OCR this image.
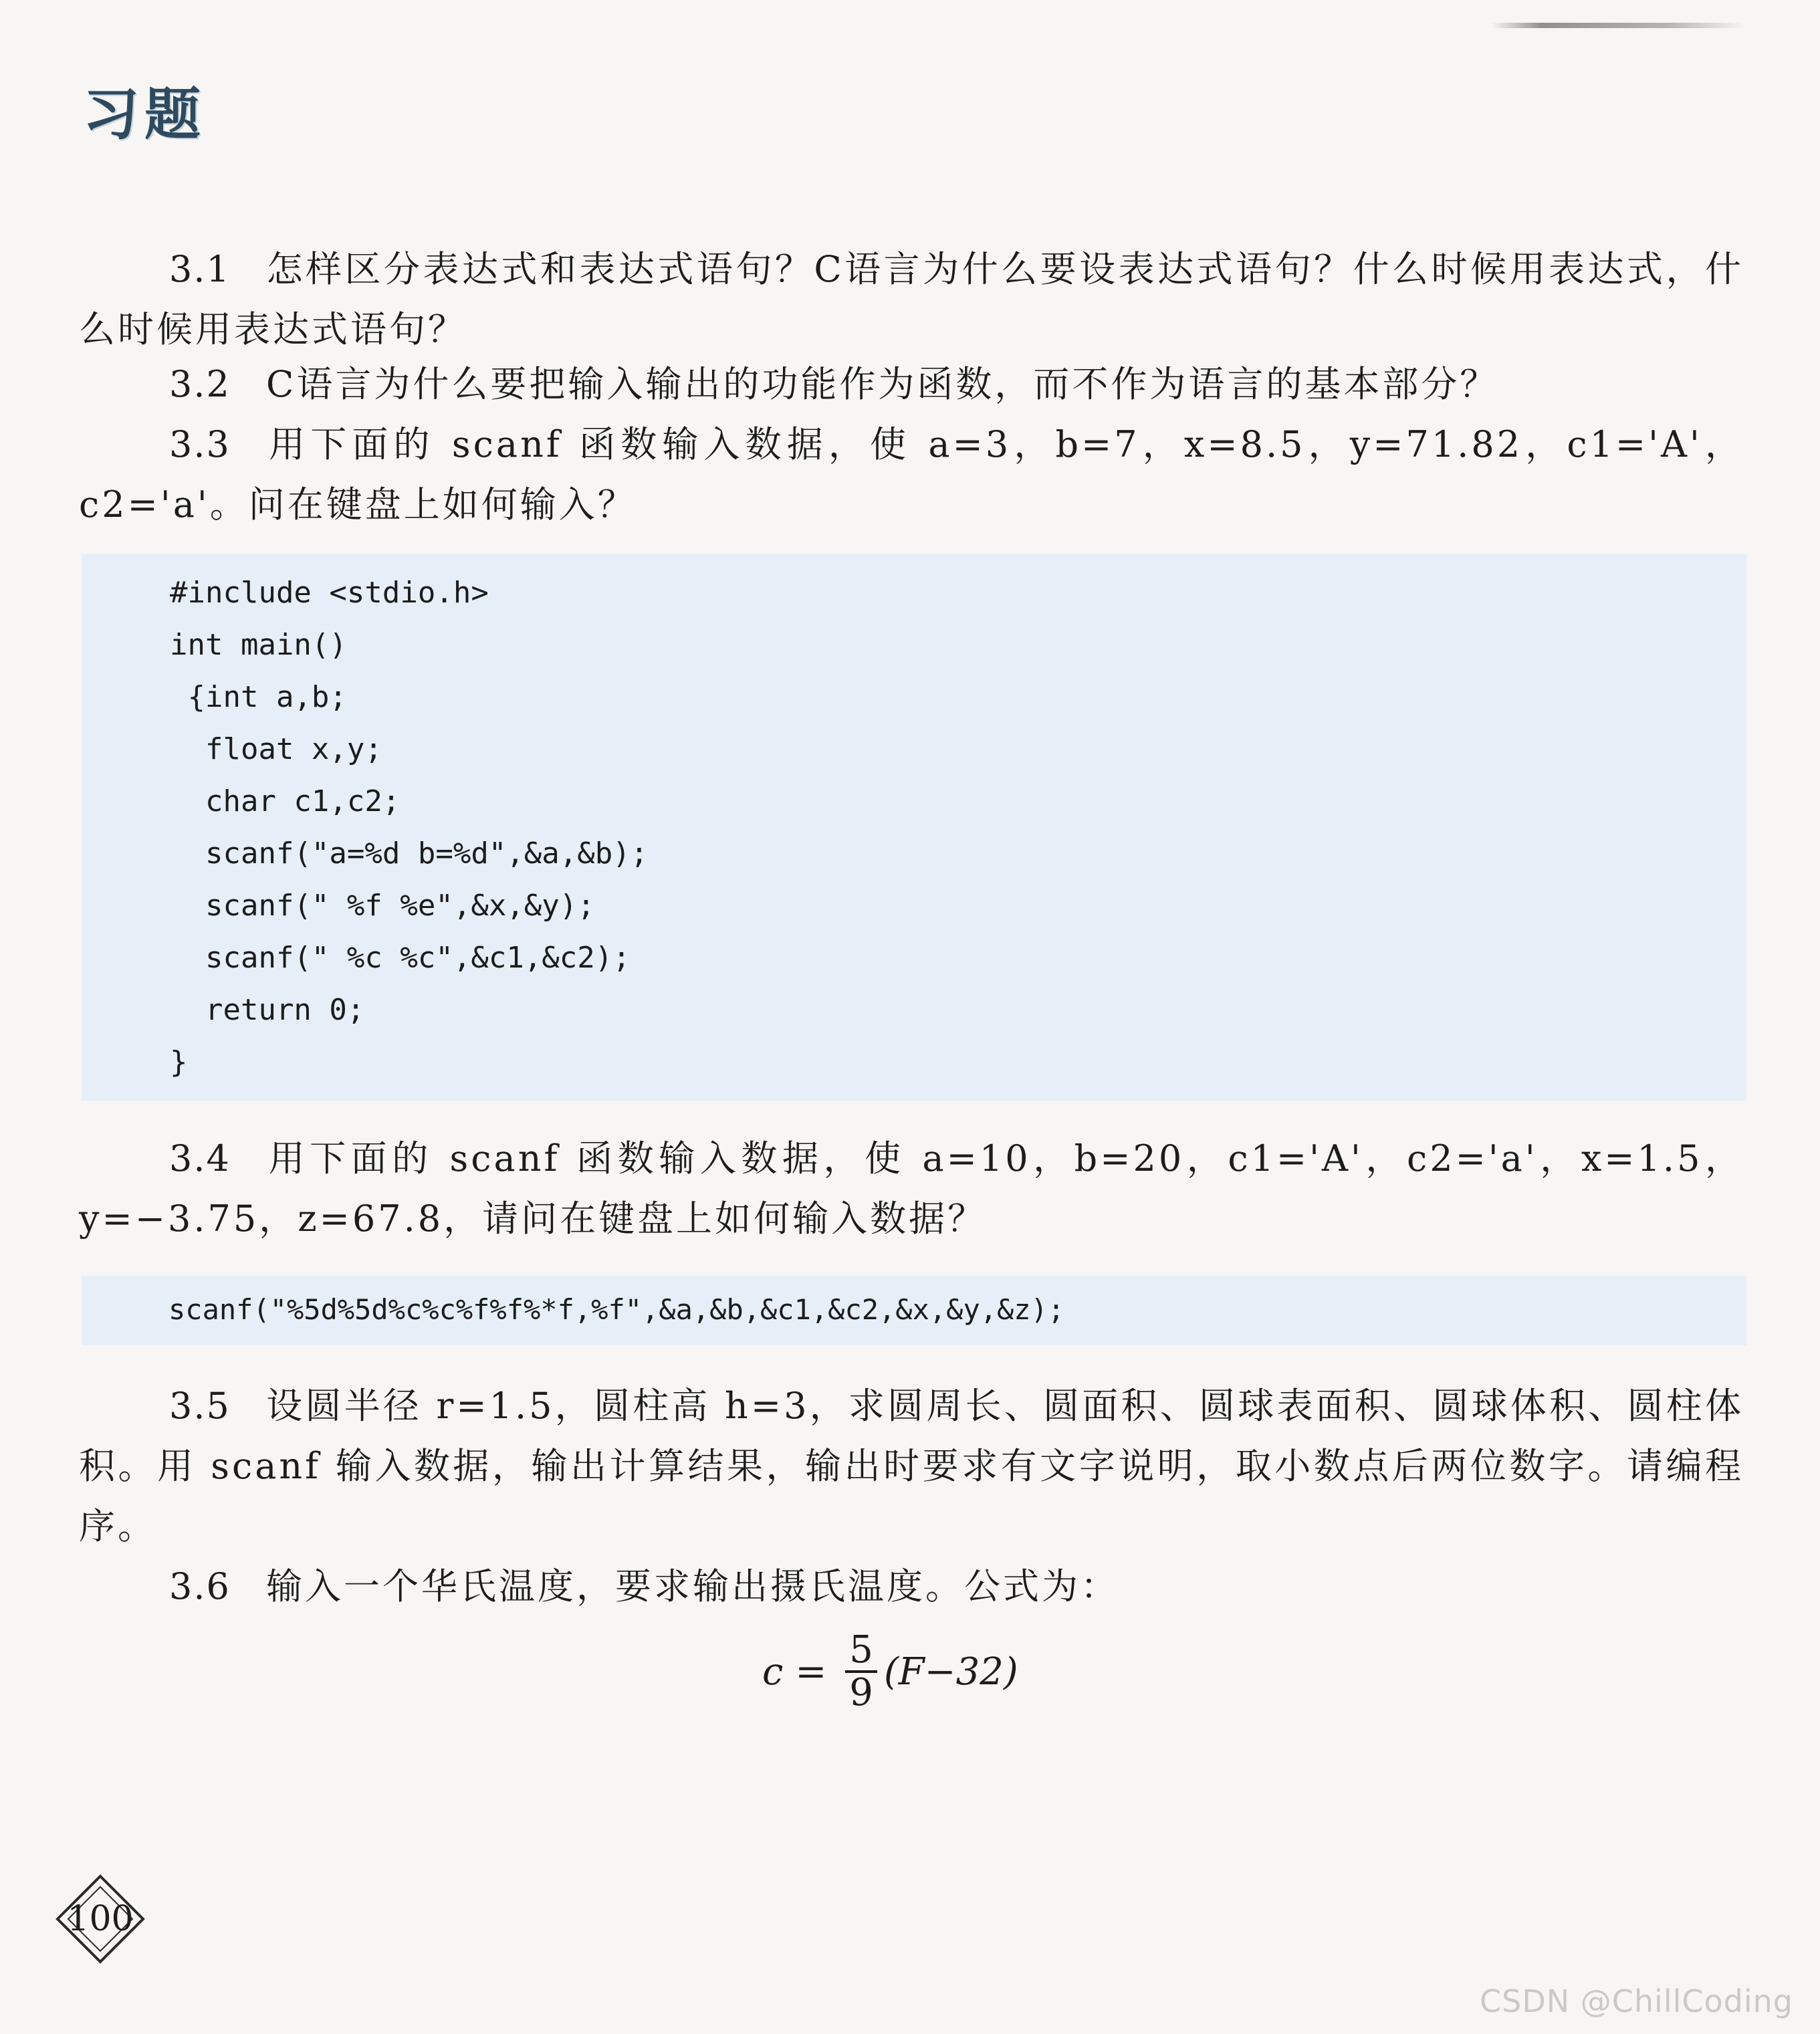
习题

3.1 怎样区分表达式和表达式语句？C语言为什么要设表达式语句？什么时候用表达式，什么时候用表达式语句？

3.2 C语言为什么要把输入输出的功能作为函数，而不作为语言的基本部分？

3.3 用下面的 scanf 函数输入数据，使 a=3，b=7，x=8.5，y=71.82，c1='A'，c2='a'。问在键盘上如何输入？

#include <stdio.h>
int main()
{int a,b;
float x,y;
char c1,c2;
scanf("a=%d b=%d",&a,&b);
scanf(" %f %e",&x,&y);
scanf(" %c %c",&c1,&c2);
return 0;
}

3.4 用下面的 scanf 函数输入数据，使 a=10，b=20，c1='A'，c2='a'，x=1.5，y=−3.75，z=67.8，请问在键盘上如何输入数据？

scanf("%5d%5d%c%c%f%f%*f,%f",&a,&b,&c1,&c2,&x,&y,&z);

3.5 设圆半径 r=1.5，圆柱高 h=3，求圆周长、圆面积、圆球表面积、圆球体积、圆柱体积。用 scanf 输入数据，输出计算结果，输出时要求有文字说明，取小数点后两位数字。请编程序。

3.6 输入一个华氏温度，要求输出摄氏温度。公式为：

$c = \frac{5}{9} (F-32)$
100

CSDN @ChillCoding
